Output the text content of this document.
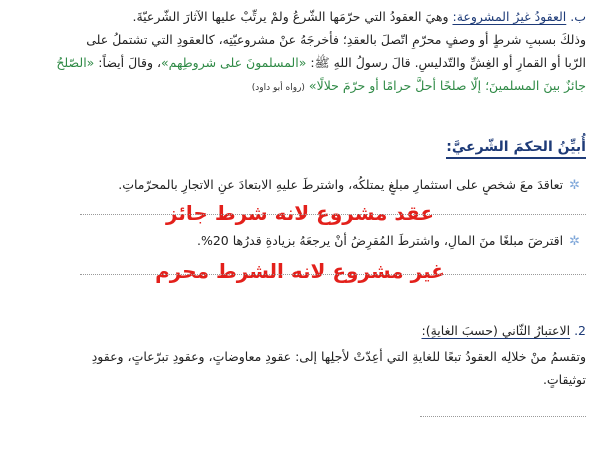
ب. العقودُ غيرُ المشروعة: وهيَ العقودُ التي حرّمَها الشّرعُ ولمْ يرتِّبْ عليها الآثارَ الشّرعيّةَ.
وذلكَ بسببِ شرطٍ أو وصفٍ محرّمٍ اتّصلَ بالعقدِ؛ فأخرجَهُ عنْ مشروعيّتِه، كالعقودِ التي تشتملُ على
الرّبا أو القمارِ أو الغِشِّ والتّدليسِ. قالَ رسولُ اللهِ ﷺ: «المسلمونَ على شروطِهم»، وقالَ أيضاً: «الصّلحُ
جائزٌ بينَ المسلمينَ؛ إلّا صلحًا أحلَّ حرامًا أو حرّمَ حلالًا» (رواه أبو داود)
أُبيِّنُ الحكمَ الشّرعيَّ:
✲تعاقدَ معَ شخصٍ على استثمارِ مبلغٍ يمتلكُه، واشترطَ عليهِ الابتعادَ عنِ الاتجارِ بالمحرّماتِ.
عقد مشروع لانه شرط جائز
✲اقترضَ مبلغًا منَ المالِ، واشترطَ المُقرِضُ أنْ يرجعَهُ بزيادةِ قدرُها 20%.
غير مشروع لانه الشرط محرم
2. الاعتبارُ الثّاني (حسبَ الغايةِ):
وتقسمُ منْ خلالِه العقودُ تبعًا للغايةِ التي أُعِدّتْ لأجلِها إلى: عقودِ معاوضاتٍ، وعقودِ تبرّعاتٍ، وعقودِ
توثيقاتٍ.
